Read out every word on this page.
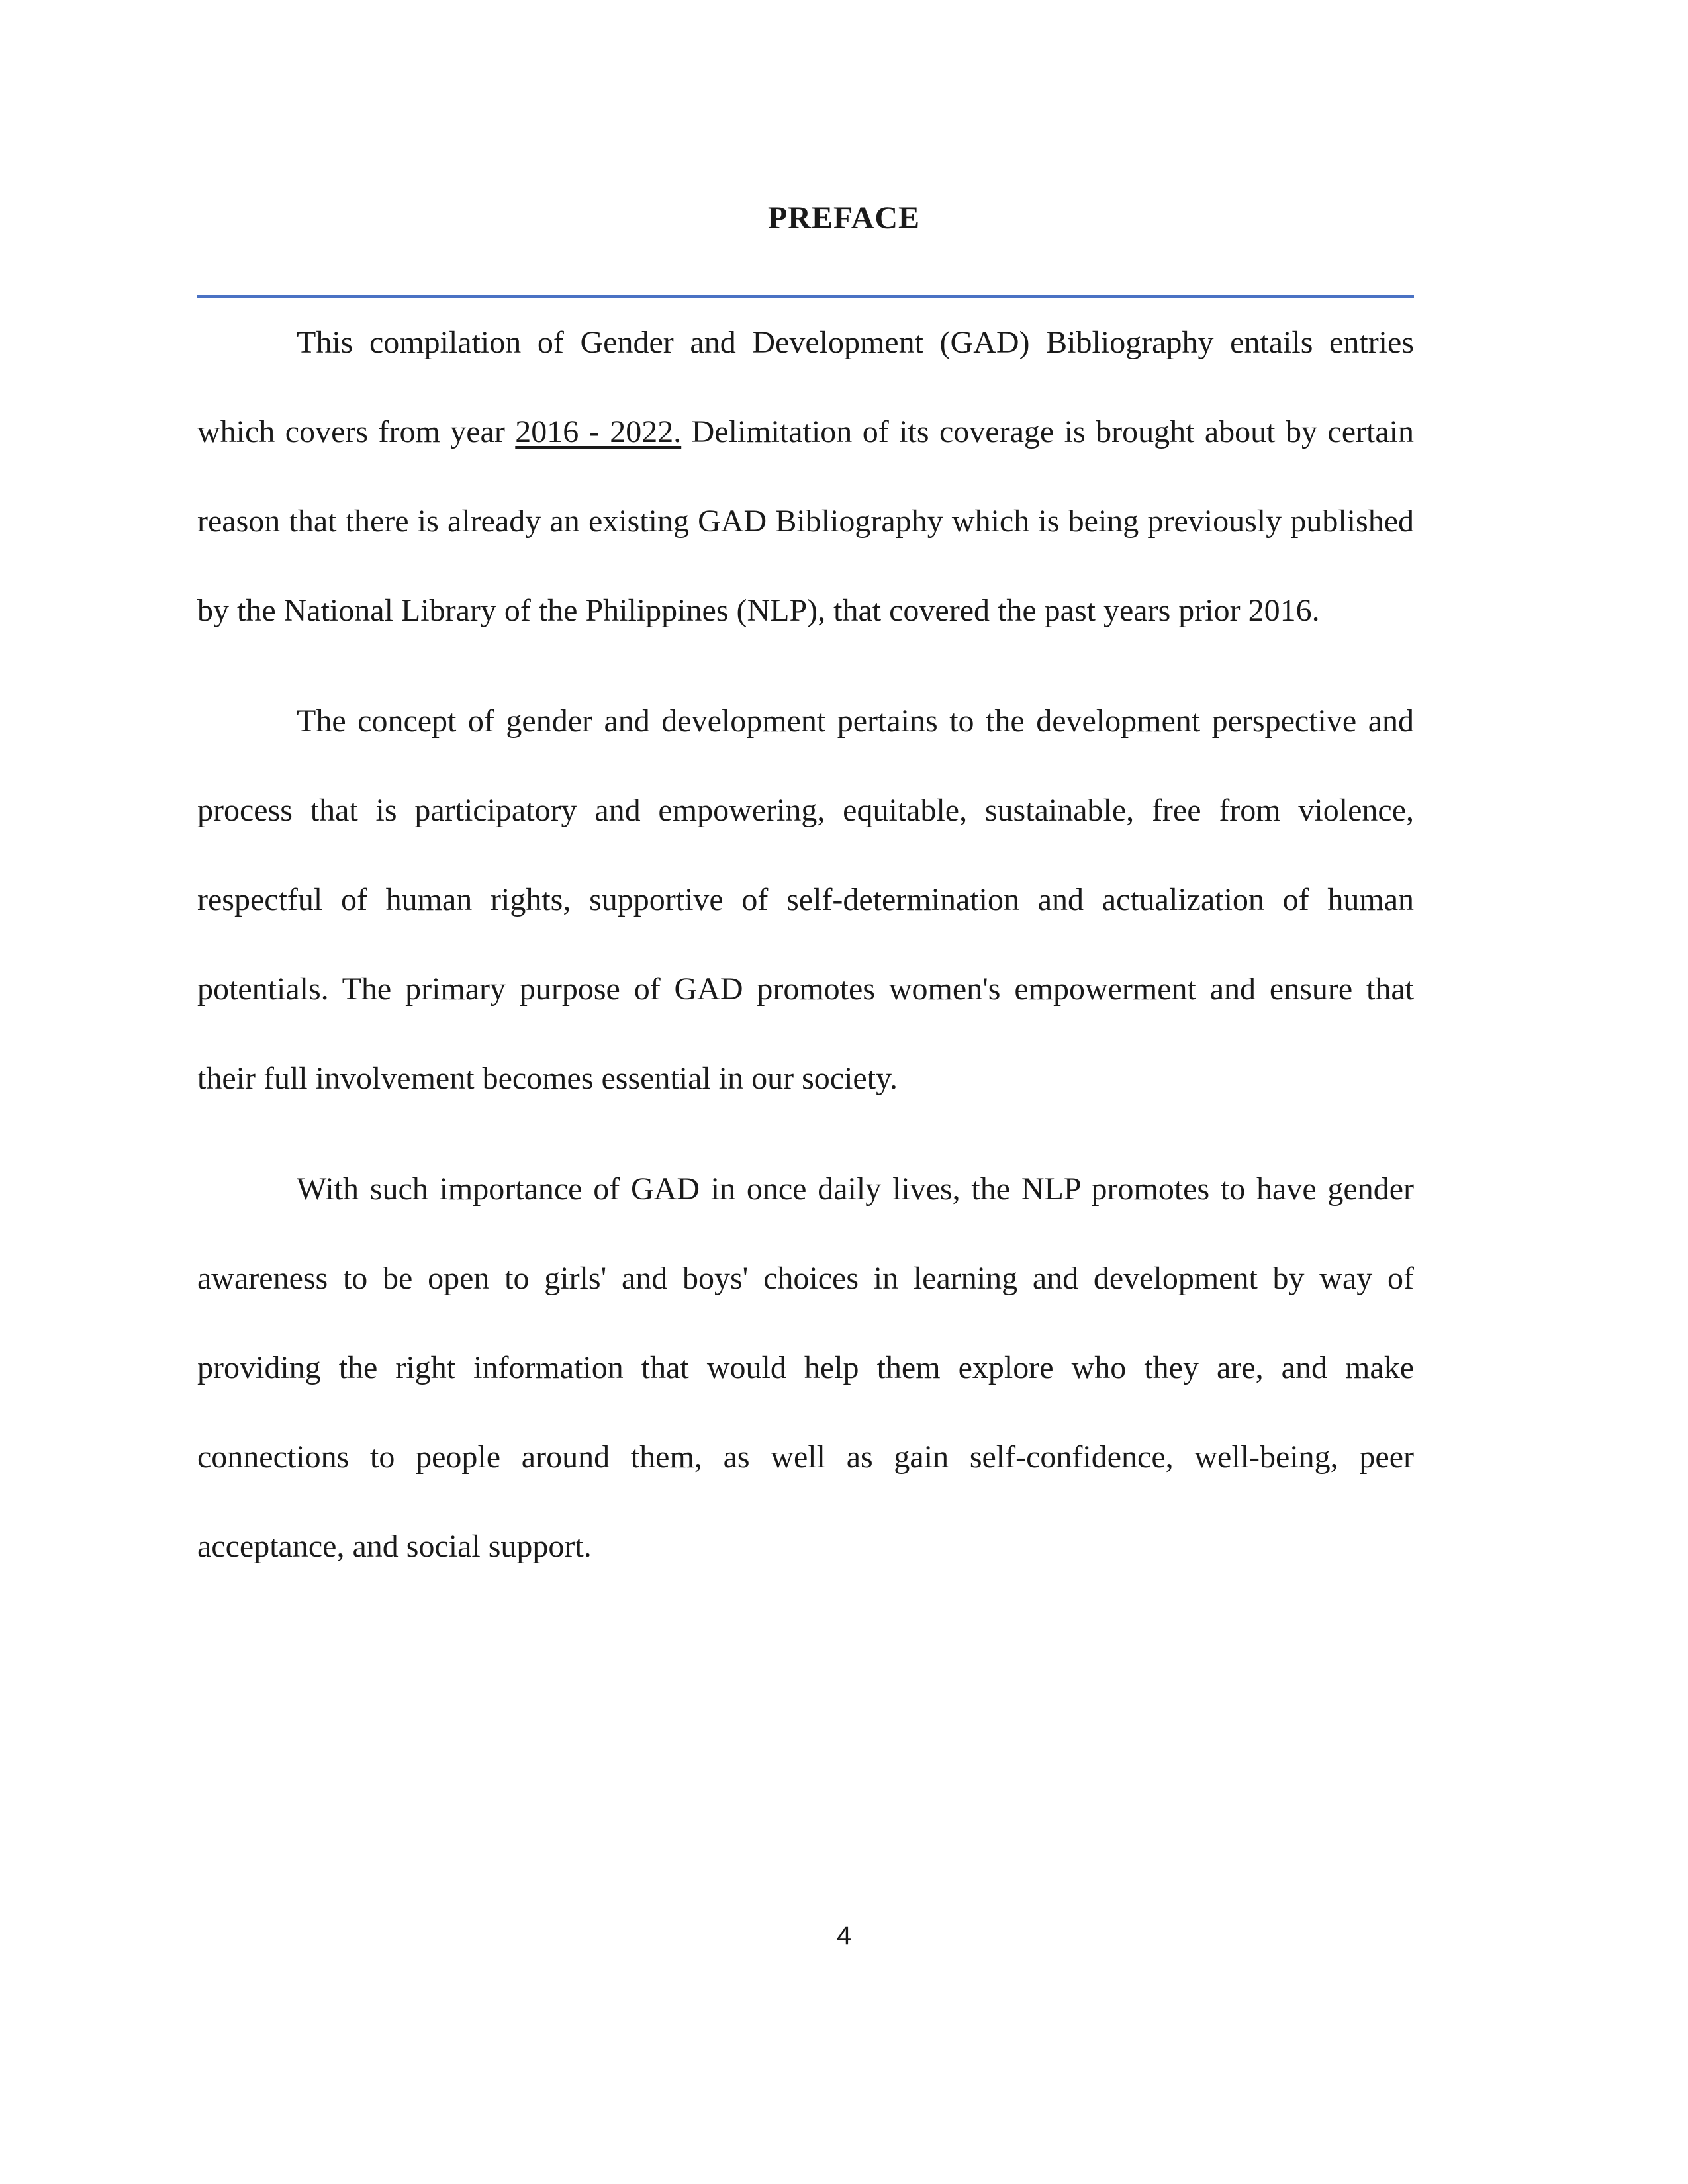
PREFACE

This compilation of Gender and Development (GAD) Bibliography entails entries which covers from year 2016 - 2022. Delimitation of its coverage is brought about by certain reason that there is already an existing GAD Bibliography which is being previously published by the National Library of the Philippines (NLP), that covered the past years prior 2016.

The concept of gender and development pertains to the development perspective and process that is participatory and empowering, equitable, sustainable, free from violence, respectful of human rights, supportive of self-determination and actualization of human potentials. The primary purpose of GAD promotes women's empowerment and ensure that their full involvement becomes essential in our society.

With such importance of GAD in once daily lives, the NLP promotes to have gender awareness to be open to girls' and boys' choices in learning and development by way of providing the right information that would help them explore who they are, and make connections to people around them, as well as gain self-confidence, well-being, peer acceptance, and social support.

4
